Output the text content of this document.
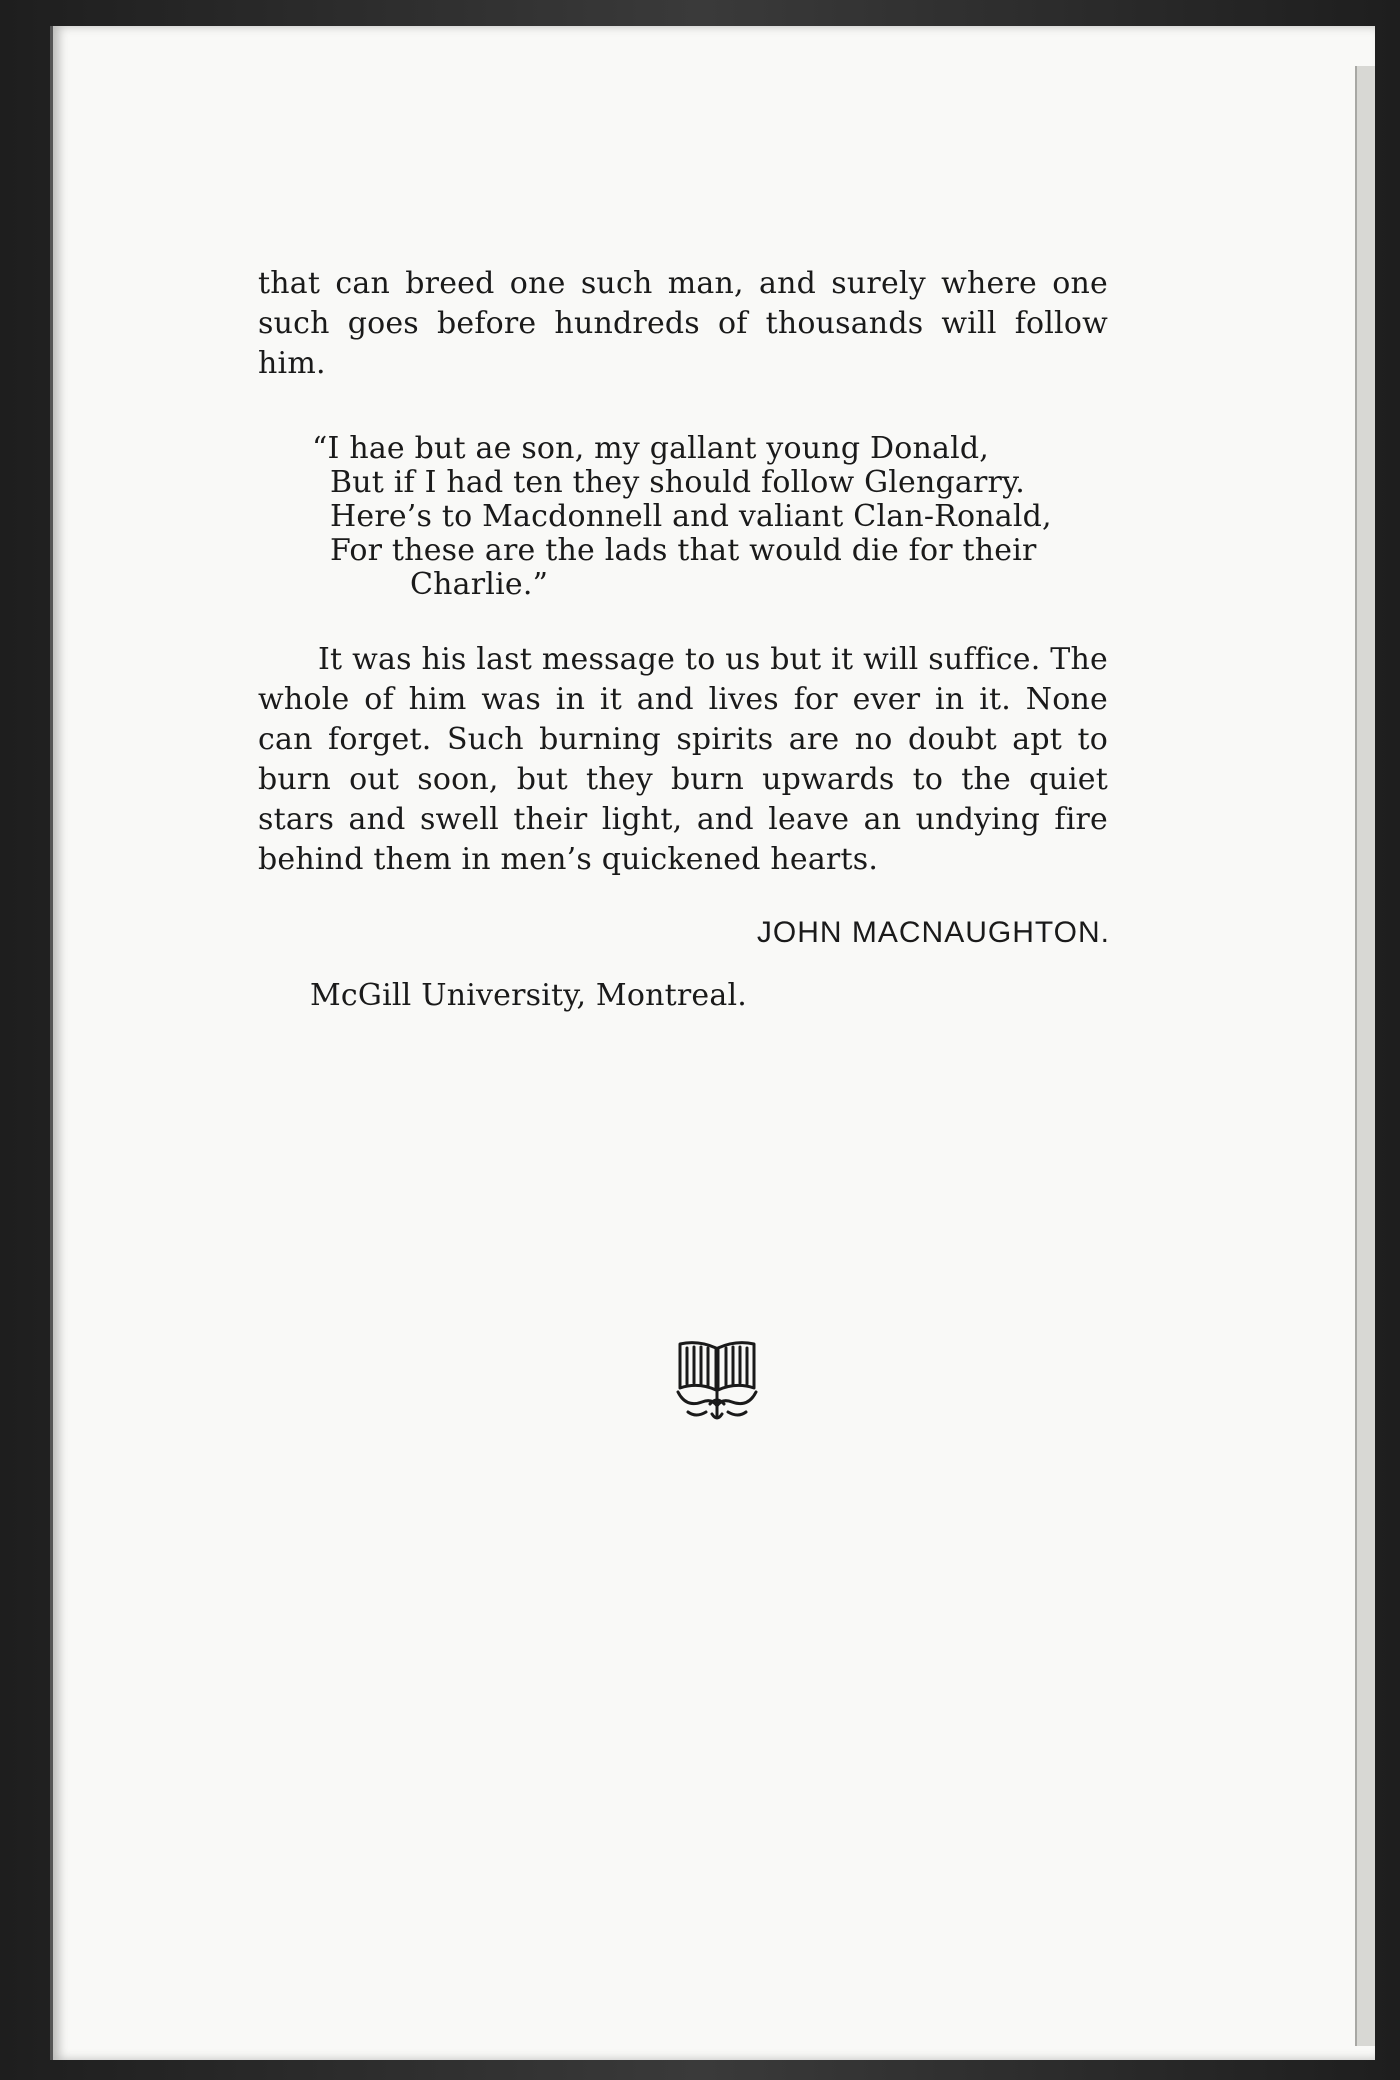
that can breed one such man, and surely where one such goes before hundreds of thousands will follow him.

“I hae but ae son, my gallant young Donald,
But if I had ten they should follow Glengarry.
Here’s to Macdonnell and valiant Clan-Ronald,
For these are the lads that would die for their
Charlie.”

It was his last message to us but it will suffice. The whole of him was in it and lives for ever in it. None can forget. Such burning spirits are no doubt apt to burn out soon, but they burn upwards to the quiet stars and swell their light, and leave an undying fire behind them in men’s quickened hearts.

JOHN MACNAUGHTON.
McGill University, Montreal.
